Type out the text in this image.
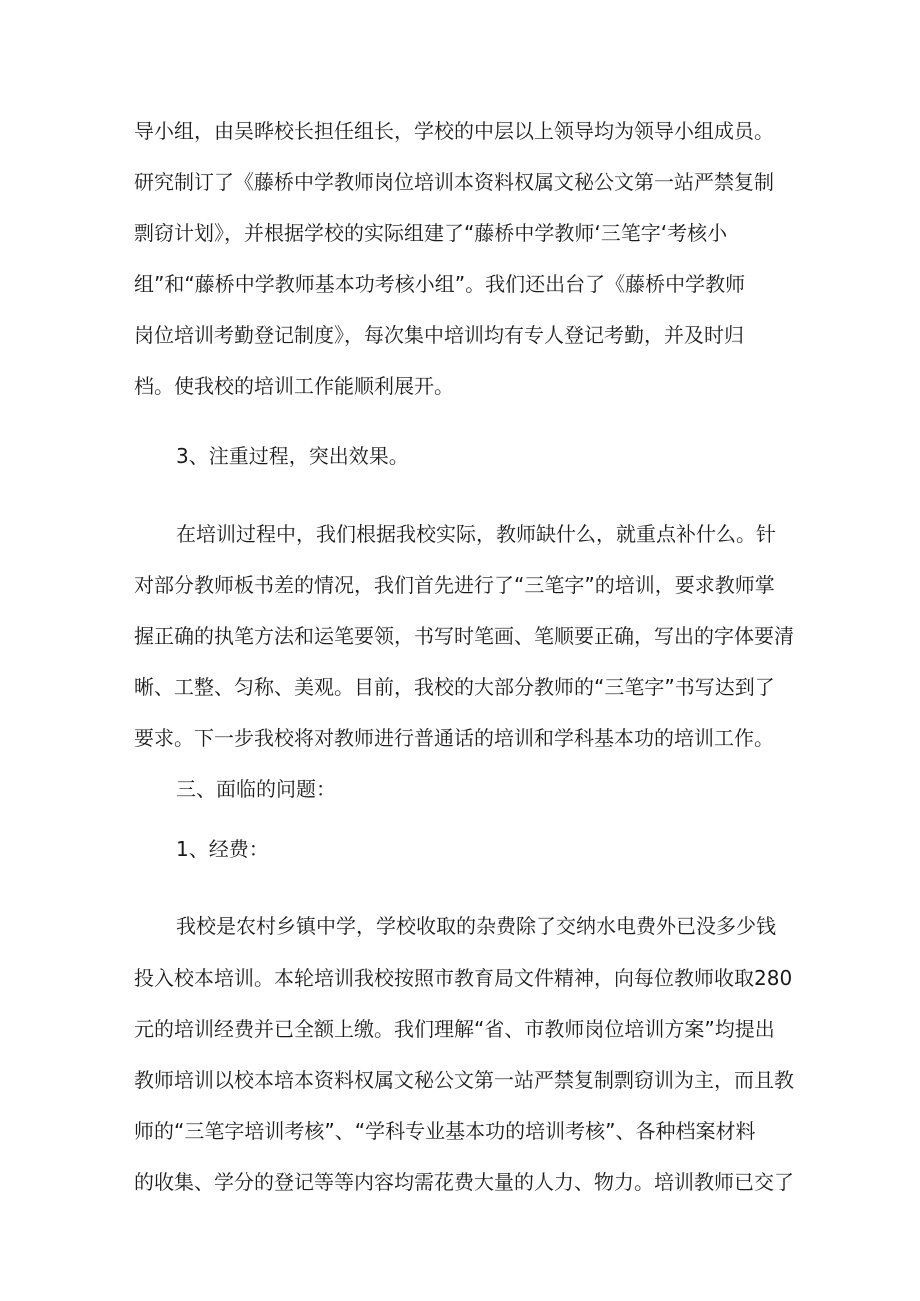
导小组，由吴晔校长担任组长，学校的中层以上领导均为领导小组成员。

研究制订了《藤桥中学教师岗位培训本资料权属文秘公文第一站严禁复制

剽窃计划》，并根据学校的实际组建了“藤桥中学教师‘三笔字‘考核小

组”和“藤桥中学教师基本功考核小组”。我们还出台了《藤桥中学教师

岗位培训考勤登记制度》，每次集中培训均有专人登记考勤，并及时归

档。使我校的培训工作能顺利展开。

3、注重过程，突出效果。

在培训过程中，我们根据我校实际，教师缺什么，就重点补什么。针

对部分教师板书差的情况，我们首先进行了“三笔字”的培训，要求教师掌

握正确的执笔方法和运笔要领，书写时笔画、笔顺要正确，写出的字体要清

晰、工整、匀称、美观。目前，我校的大部分教师的“三笔字”书写达到了

要求。下一步我校将对教师进行普通话的培训和学科基本功的培训工作。

三、面临的问题：

1、经费：

我校是农村乡镇中学，学校收取的杂费除了交纳水电费外已没多少钱

投入校本培训。本轮培训我校按照市教育局文件精神，向每位教师收取280

元的培训经费并已全额上缴。我们理解“省、市教师岗位培训方案”均提出

教师培训以校本培本资料权属文秘公文第一站严禁复制剽窃训为主，而且教

师的“三笔字培训考核”、“学科专业基本功的培训考核”、各种档案材料

的收集、学分的登记等等内容均需花费大量的人力、物力。培训教师已交了
